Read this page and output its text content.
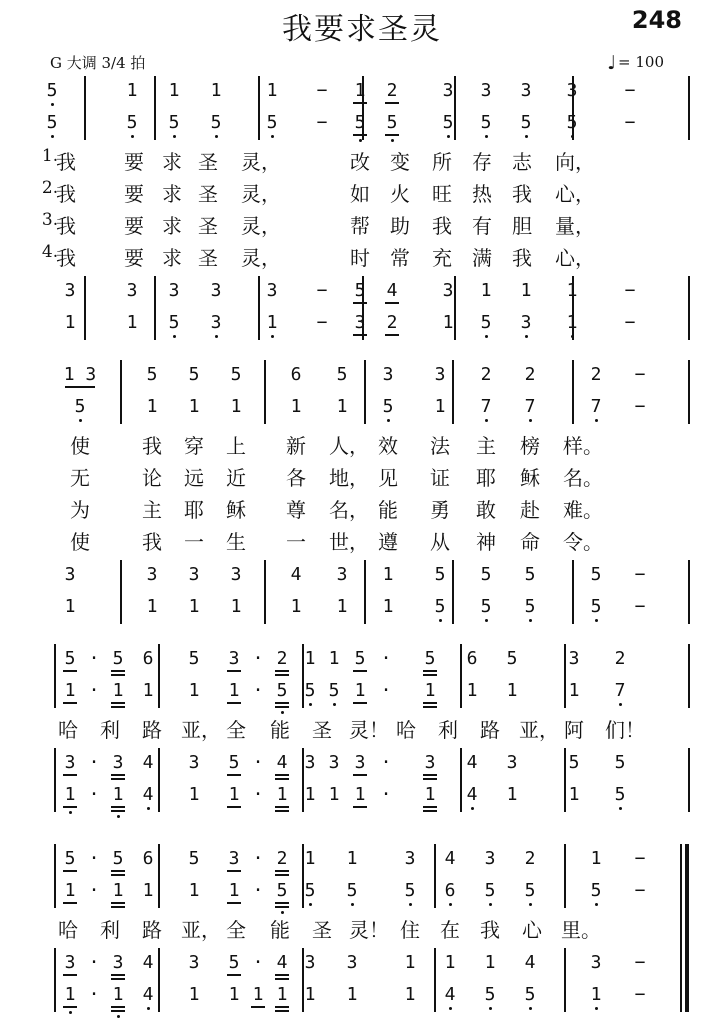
我要求圣灵	248
G 大调 3/4 拍	♩ = 100
5	1	1	1	1	−	1	2	3	3	3	3	−
5	5	5	5	5	−	5	5	5	5	5	5	−
1.
我 要 求 圣 灵，	改 变 所 存 志 向，
2.
我 要 求 圣 灵，	如 火 旺 热 我 心，
3.
我 要 求 圣 灵，	帮 助 我 有 胆 量，
4.
我 要 求 圣 灵，	时 常 充 满 我 心，
3	3	3	3	3	−	5	4	3	1	1	1	−
1	1	5	3	1	−	3	2	1	5	3	1	−
1 3	5	5	5	6	5	3	3	2	2	2	−
5	1	1	1	1	1	5	1	7	7	7	−
使	我 穿 上 新 人， 效 法 主 榜 样。
无	论 远 近 各 地， 见 证 耶 稣 名。
为	主 耶 稣 尊 名， 能 勇 敢 赴 难。
使	我 一 生 一 世， 遵 从 神 命 令。
3	3	3	3	4	3	1	5	5	5	5	−
1	1	1	1	1	1	1	5	5	5	5	−
5 · 5	6	5	3 · 2 1 1 5 ·	5	6	5	3	2
1 · 1	1	1	1 · 5 5 5 1 ·	1	1	1	1	7
哈 利 路 亚， 全 能 圣 灵！ 哈 利 路 亚， 阿 们！
3 · 3	4	3	5 · 4 3 3 3 ·	3	4	3	5	5
1 · 1	4	1	1 · 1 1 1 1 ·	1	4	1	1	5
5 · 5	6	5	3 · 2 1	1	3	4	3	2	1	−
1 · 1	1	1	1 · 5 5	5	5	6	5	5	5	−
哈 利 路 亚， 全 能 圣 灵！ 住 在 我 心 里。
3 · 3	4	3	5 · 4 3	3	1	1	1	4	3	−
1 · 1	4	1	1 1 1 1	1	1	4	5	5	1	−
